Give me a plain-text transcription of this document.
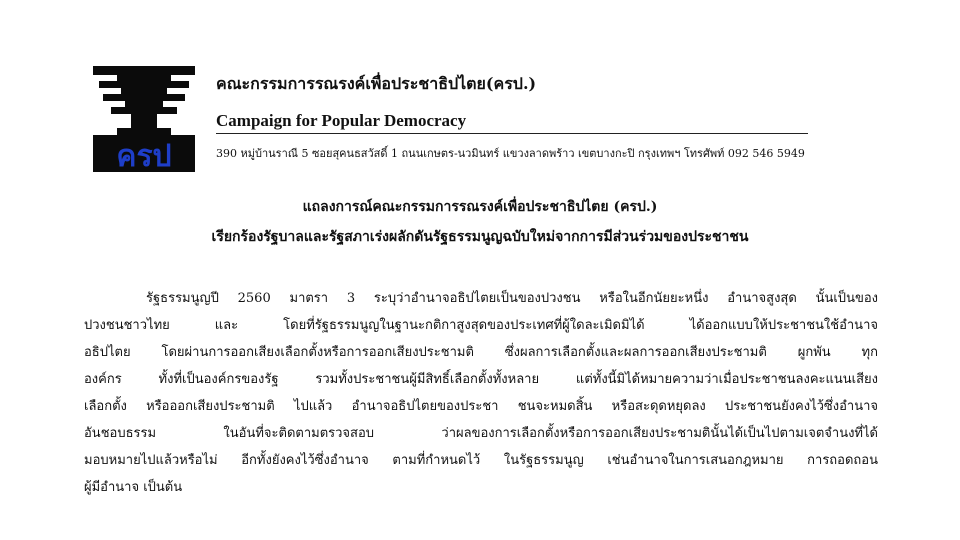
ครป
คณะกรรมการรณรงค์เพื่อประชาธิปไตย(ครป.)
Campaign for Popular Democracy
390 หมู่บ้านราณี 5 ซอยสุคนธสวัสดิ์ 1 ถนนเกษตร-นวมินทร์ แขวงลาดพร้าว เขตบางกะปิ กรุงเทพฯ โทรศัพท์ 092 546 5949
แถลงการณ์คณะกรรมการรณรงค์เพื่อประชาธิปไตย (ครป.)
เรียกร้องรัฐบาลและรัฐสภาเร่งผลักดันรัฐธรรมนูญฉบับใหม่จากการมีส่วนร่วมของประชาชน
รัฐธรรมนูญปี 2560 มาตรา 3 ระบุว่าอำนาจอธิปไตยเป็นของปวงชน หรือในอีกนัยยะหนึ่ง อำนาจสูงสุด นั้นเป็นของ
ปวงชนชาวไทย และ โดยที่รัฐธรรมนูญในฐานะกติกาสูงสุดของประเทศที่ผู้ใดละเมิดมิได้ ได้ออกแบบให้ประชาชนใช้อำนาจ
อธิปไตย โดยผ่านการออกเสียงเลือกตั้งหรือการออกเสียงประชามติ ซึ่งผลการเลือกตั้งและผลการออกเสียงประชามติ ผูกพัน ทุก
องค์กร ทั้งที่เป็นองค์กรของรัฐ รวมทั้งประชาชนผู้มีสิทธิ์เลือกตั้งทั้งหลาย แต่ทั้งนี้มิได้หมายความว่าเมื่อประชาชนลงคะแนนเสียง
เลือกตั้ง หรือออกเสียงประชามติ ไปแล้ว อำนาจอธิปไตยของประชา ชนจะหมดสิ้น หรือสะดุดหยุดลง ประชาชนยังคงไว้ซึ่งอำนาจ
อันชอบธรรม ในอันที่จะติดตามตรวจสอบ ว่าผลของการเลือกตั้งหรือการออกเสียงประชามตินั้นได้เป็นไปตามเจตจำนงที่ได้
มอบหมายไปแล้วหรือไม่ อีกทั้งยังคงไว้ซึ่งอำนาจ ตามที่กำหนดไว้ ในรัฐธรรมนูญ เช่นอำนาจในการเสนอกฎหมาย การถอดถอน
ผู้มีอำนาจ เป็นต้น
